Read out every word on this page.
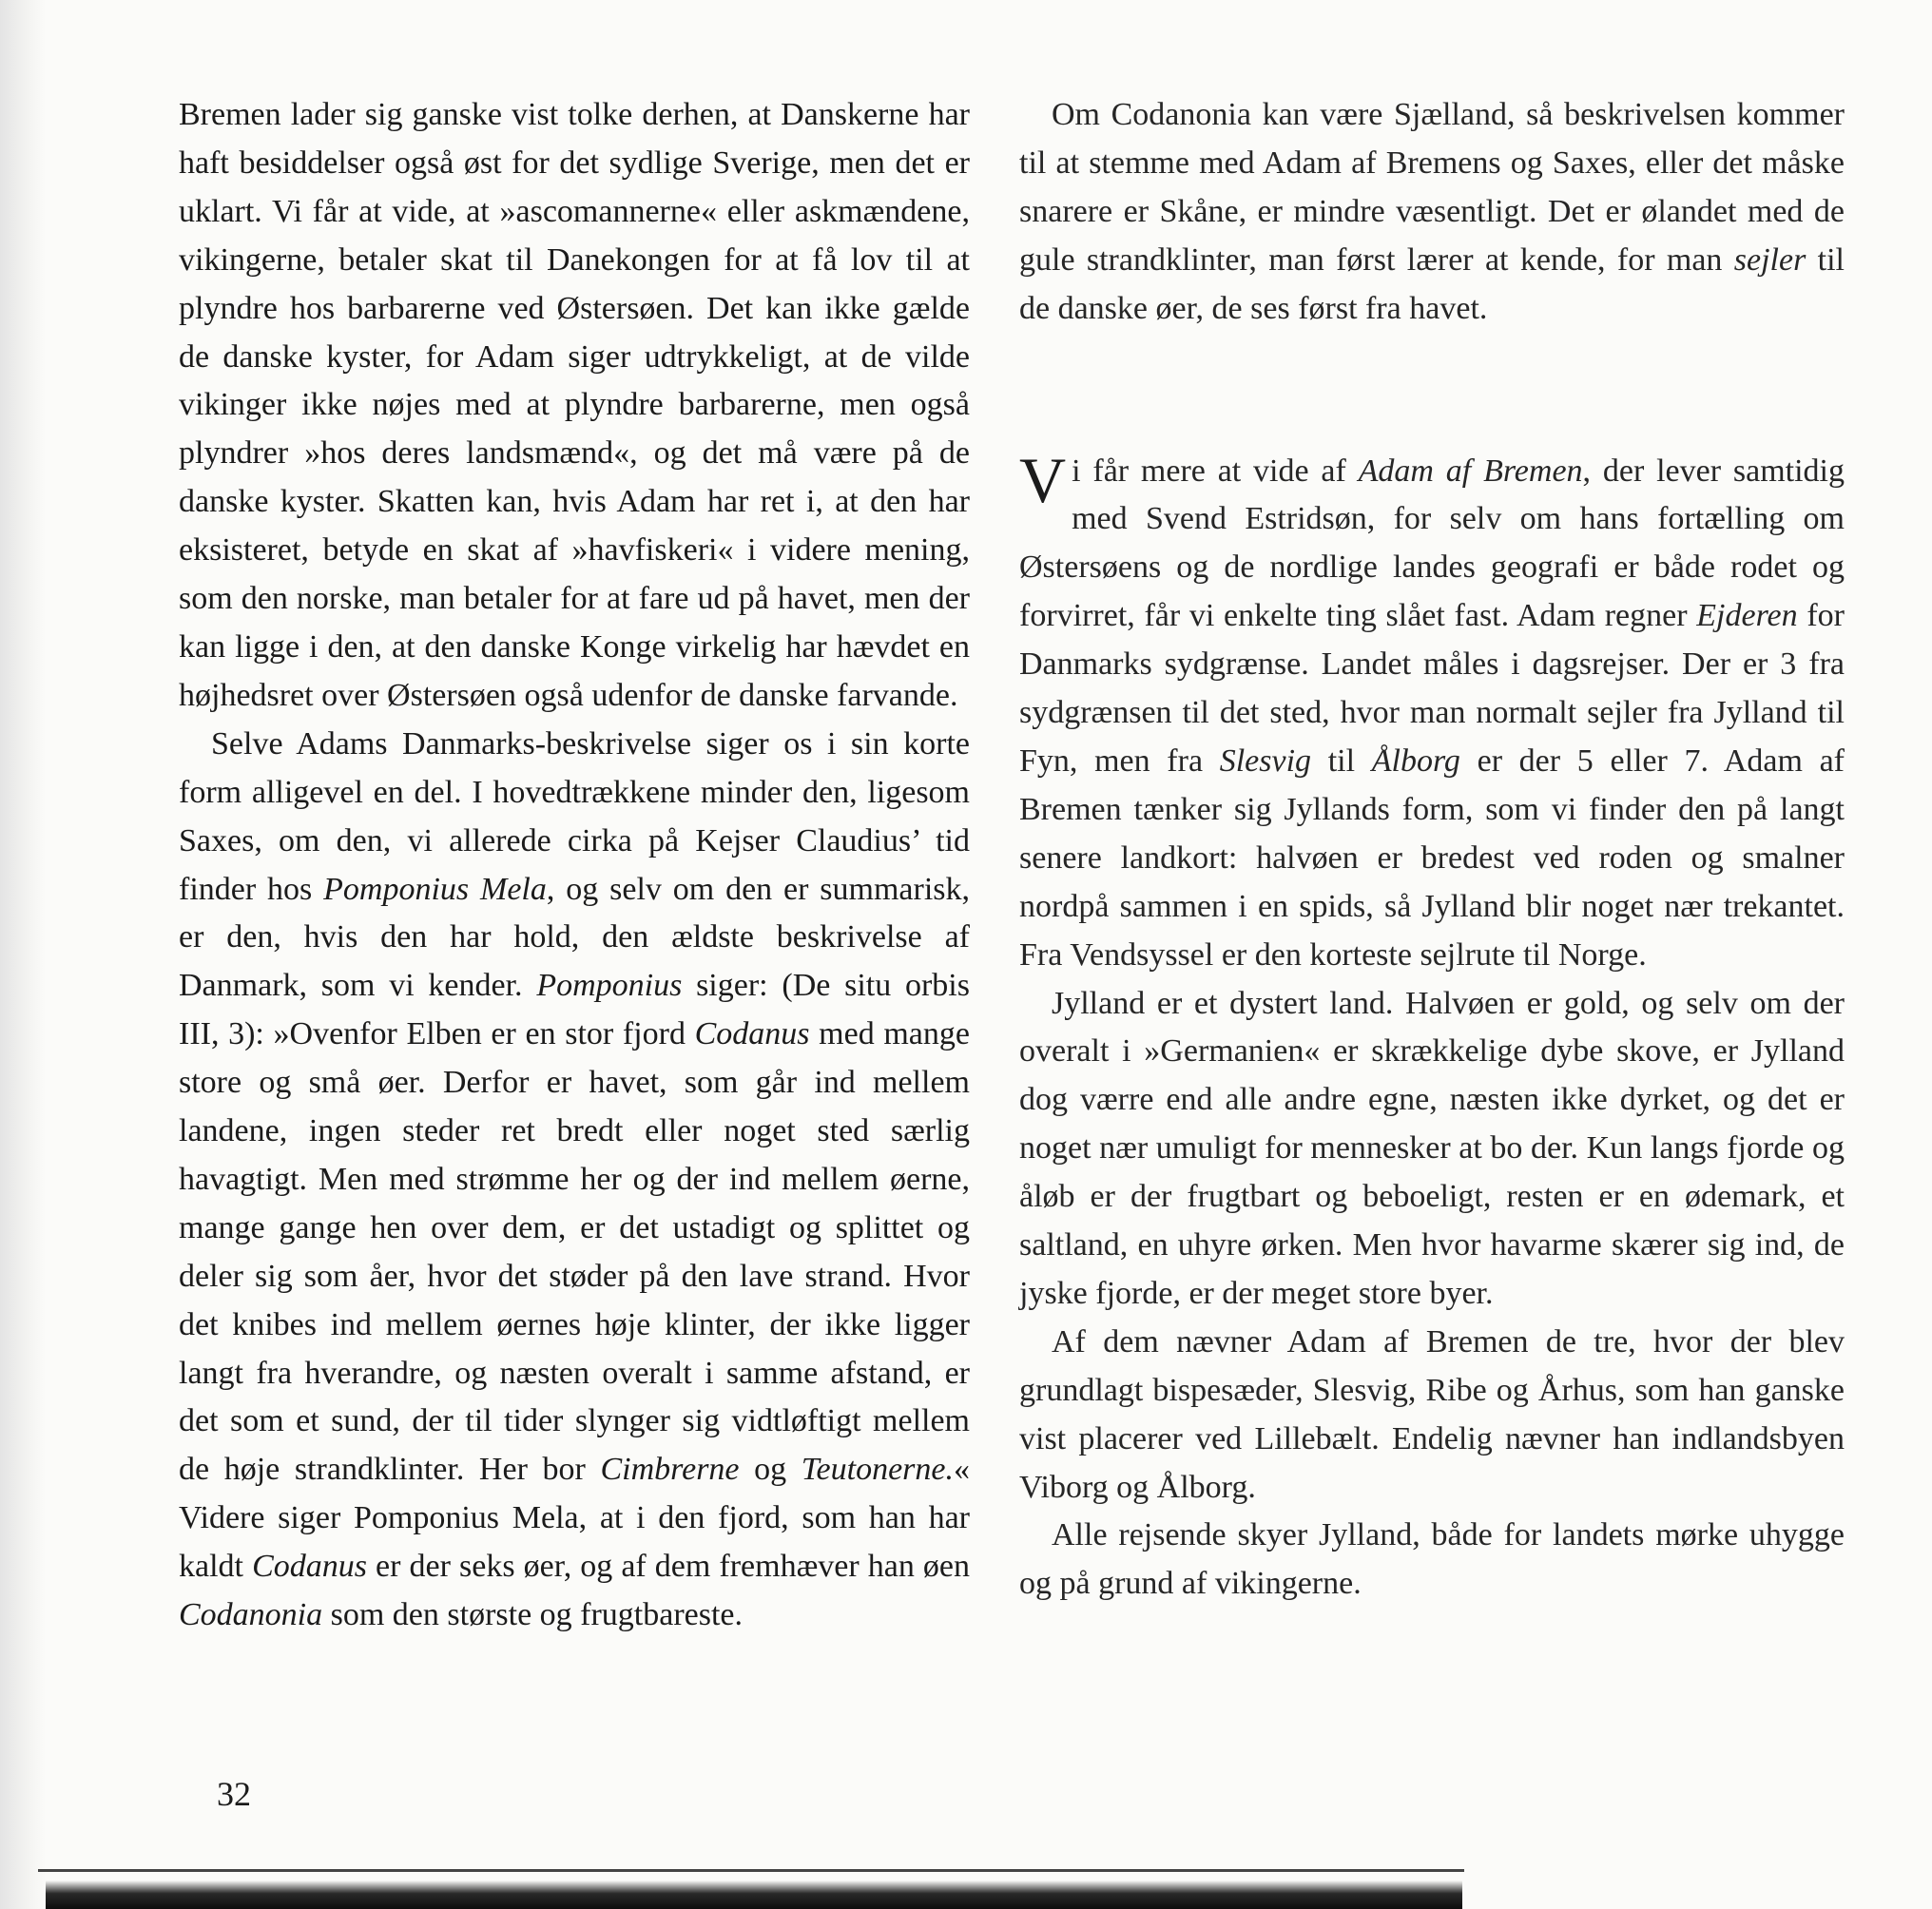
Bremen lader sig ganske vist tolke derhen, at Danskerne har haft besiddelser også øst for det sydlige Sverige, men det er uklart. Vi får at vide, at »ascomannerne« eller askmændene, vikingerne, betaler skat til Danekongen for at få lov til at plyndre hos barbarerne ved Østersøen. Det kan ikke gælde de danske kyster, for Adam siger udtrykkeligt, at de vilde vikinger ikke nøjes med at plyndre barbarerne, men også plyndrer »hos deres landsmænd«, og det må være på de danske kyster. Skatten kan, hvis Adam har ret i, at den har eksisteret, betyde en skat af »havfiskeri« i videre mening, som den norske, man betaler for at fare ud på havet, men der kan ligge i den, at den danske Konge virkelig har hævdet en højhedsret over Østersøen også udenfor de danske farvande.

Selve Adams Danmarks-beskrivelse siger os i sin korte form alligevel en del. I hovedtrækkene minder den, ligesom Saxes, om den, vi allerede cirka på Kejser Claudius’ tid finder hos Pomponius Mela, og selv om den er summarisk, er den, hvis den har hold, den ældste beskrivelse af Danmark, som vi kender. Pomponius siger: (De situ orbis III, 3): »Ovenfor Elben er en stor fjord Codanus med mange store og små øer. Derfor er havet, som går ind mellem landene, ingen steder ret bredt eller noget sted særlig havagtigt. Men med strømme her og der ind mellem øerne, mange gange hen over dem, er det ustadigt og splittet og deler sig som åer, hvor det støder på den lave strand. Hvor det knibes ind mellem øernes høje klinter, der ikke ligger langt fra hverandre, og næsten overalt i samme afstand, er det som et sund, der til tider slynger sig vidtløftigt mellem de høje strandklinter. Her bor Cimbrerne og Teutonerne.« Videre siger Pomponius Mela, at i den fjord, som han har kaldt Codanus er der seks øer, og af dem fremhæver han øen Codanonia som den største og frugtbareste.

Om Codanonia kan være Sjælland, så beskrivelsen kommer til at stemme med Adam af Bremens og Saxes, eller det måske snarere er Skåne, er mindre væsentligt. Det er ølandet med de gule strandklinter, man først lærer at kende, for man sejler til de danske øer, de ses først fra havet.

V i får mere at vide af Adam af Bremen, der lever samtidig med Svend Estridsøn, for selv om hans fortælling om Østersøens og de nordlige landes geografi er både rodet og forvirret, får vi enkelte ting slået fast. Adam regner Ejderen for Danmarks sydgrænse. Landet måles i dagsrejser. Der er 3 fra sydgrænsen til det sted, hvor man normalt sejler fra Jylland til Fyn, men fra Slesvig til Ålborg er der 5 eller 7. Adam af Bremen tænker sig Jyllands form, som vi finder den på langt senere landkort: halvøen er bredest ved roden og smalner nordpå sammen i en spids, så Jylland blir noget nær trekantet. Fra Vendsyssel er den korteste sejlrute til Norge.

Jylland er et dystert land. Halvøen er gold, og selv om der overalt i »Germanien« er skrækkelige dybe skove, er Jylland dog værre end alle andre egne, næsten ikke dyrket, og det er noget nær umuligt for mennesker at bo der. Kun langs fjorde og åløb er der frugtbart og beboeligt, resten er en ødemark, et saltland, en uhyre ørken. Men hvor havarme skærer sig ind, de jyske fjorde, er der meget store byer.

Af dem nævner Adam af Bremen de tre, hvor der blev grundlagt bispesæder, Slesvig, Ribe og Århus, som han ganske vist placerer ved Lillebælt. Endelig nævner han indlandsbyen Viborg og Ålborg.

Alle rejsende skyer Jylland, både for landets mørke uhygge og på grund af vikingerne.

32
